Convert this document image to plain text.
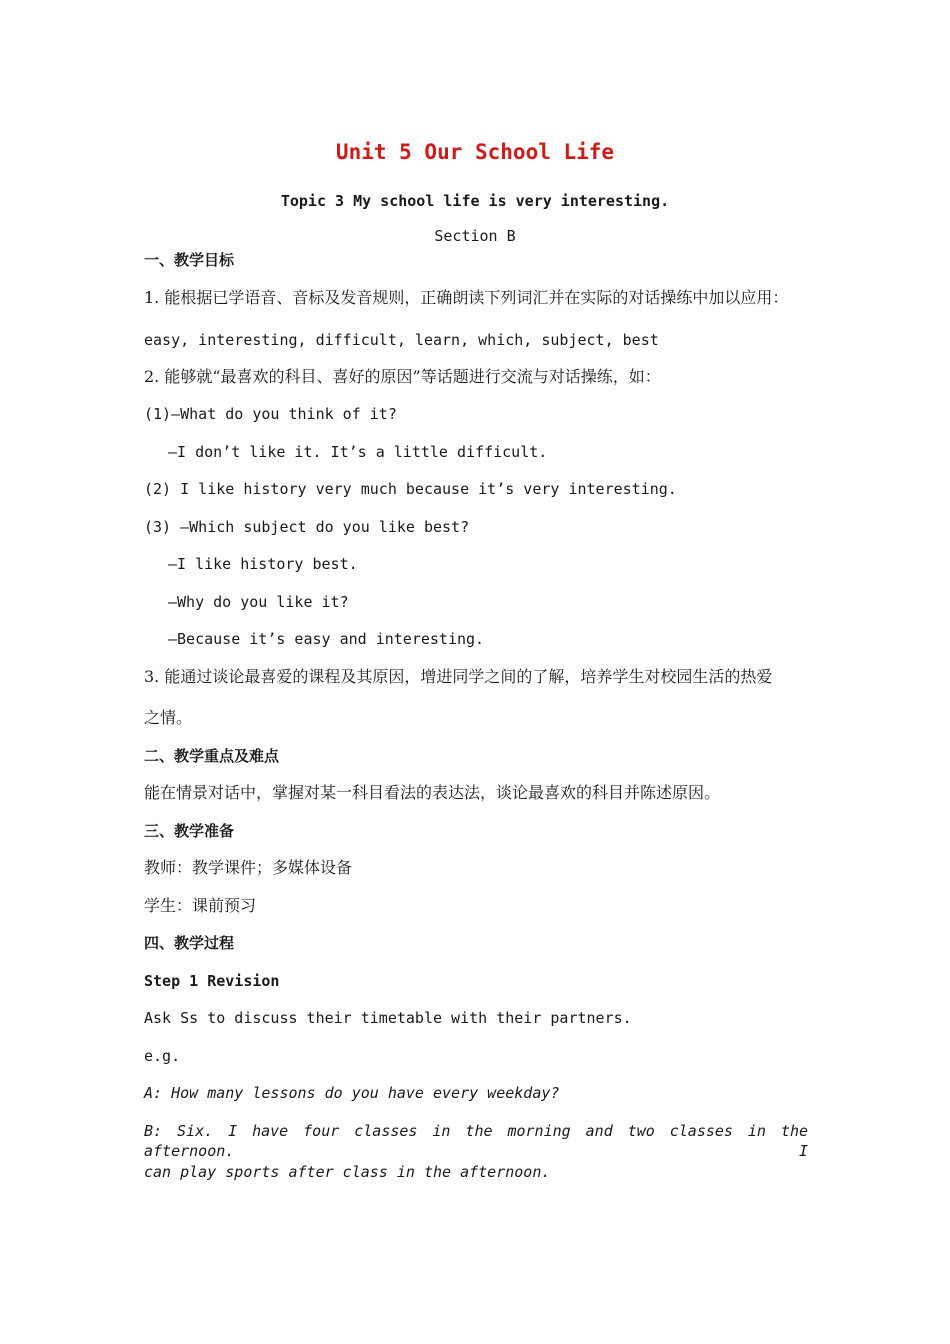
Unit 5 Our School Life
Topic 3 My school life is very interesting.
Section B
一、教学目标
1. 能根据已学语音、音标及发音规则，正确朗读下列词汇并在实际的对话操练中加以应用：
easy, interesting, difficult, learn, which, subject, best
2. 能够就“最喜欢的科目、喜好的原因”等话题进行交流与对话操练，如：
(1)—What do you think of it?
—I don’t like it. It’s a little difficult.
(2) I like history very much because it’s very interesting.
(3) —Which subject do you like best?
—I like history best.
—Why do you like it?
—Because it’s easy and interesting.
3. 能通过谈论最喜爱的课程及其原因，增进同学之间的了解，培养学生对校园生活的热爱
之情。
二、教学重点及难点
能在情景对话中，掌握对某一科目看法的表达法，谈论最喜欢的科目并陈述原因。
三、教学准备
教师：教学课件；多媒体设备
学生：课前预习
四、教学过程
Step 1 Revision
Ask Ss to discuss their timetable with their partners.
e.g.
A: How many lessons do you have every weekday?
B: Six. I have four classes in the morning and two classes in the afternoon. I
can play sports after class in the afternoon.
